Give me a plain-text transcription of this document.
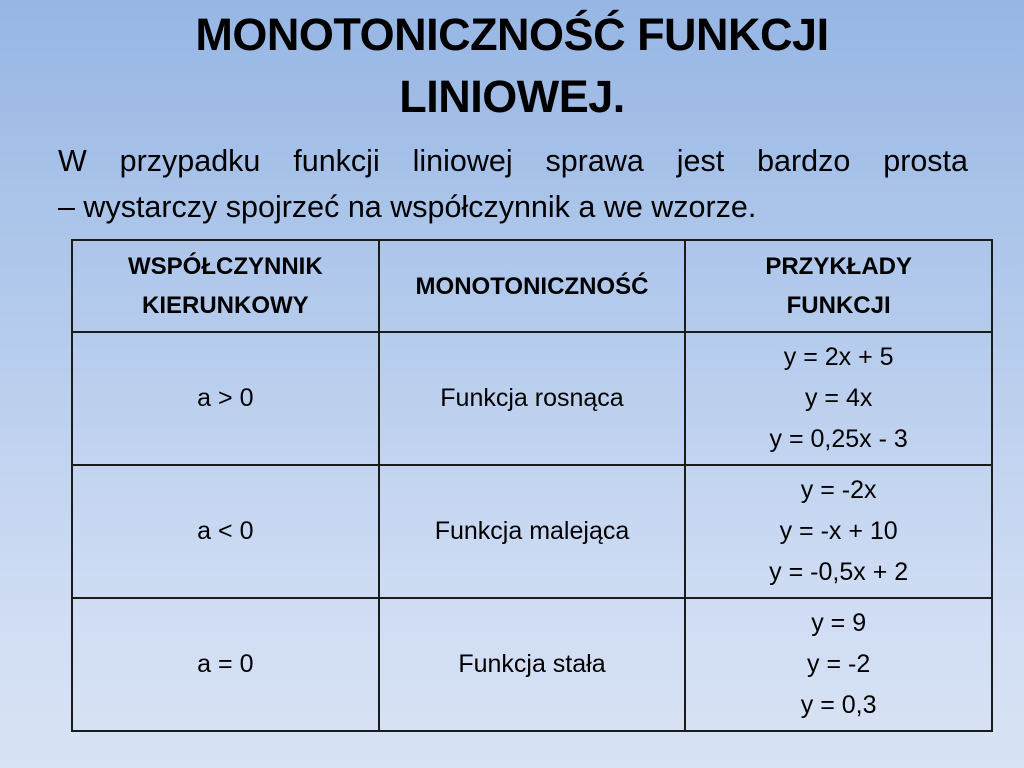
MONOTONICZNOŚĆ FUNKCJI
LINIOWEJ.
W przypadku funkcji liniowej sprawa jest bardzo prosta
– wystarczy spojrzeć na współczynnik a we wzorze.
WSPÓŁCZYNNIK
KIERUNKOWY	MONOTONICZNOŚĆ	PRZYKŁADY
FUNKCJI

a > 0	Funkcja rosnąca	y = 2x + 5
y = 4x
y = 0,25x - 3

a < 0	Funkcja malejąca	y = -2x
y = -x + 10
y = -0,5x + 2

a = 0	Funkcja stała	y = 9
y = -2
y = 0,3
